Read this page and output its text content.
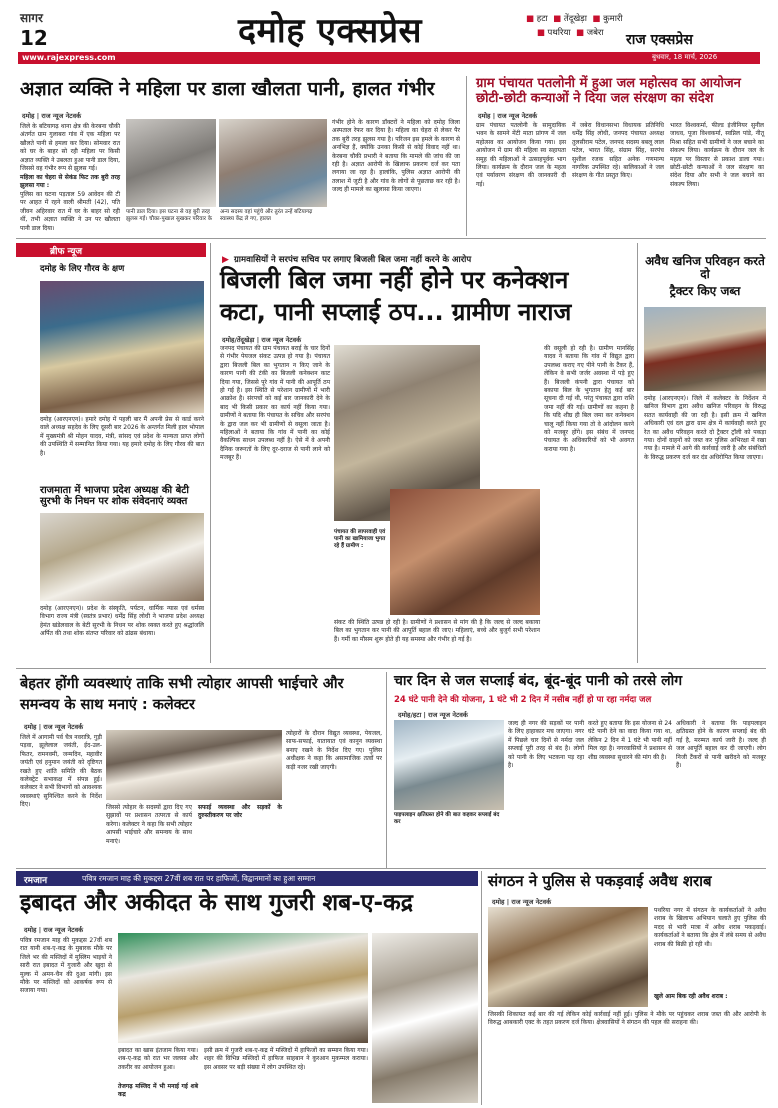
सागर
12	दमोह एक्सप्रेस	■ हटा ■ तेंदूखेड़ा ■ कुमारी
■ पथरिया ■ जबेरा	राज एक्सप्रेस
www.rajexpress.com	बुधवार, 18 मार्च, 2026
अज्ञात व्यक्ति ने महिला पर डाला खौलता पानी, हालत गंभीर
दमोह | राज न्यूज नेटवर्क
जिले के बटियागढ़ थाना क्षेत्र की केरबना चौकी अंतर्गत ग्राम गुलाबरा गांव में एक महिला पर खौलते पानी से हमला कर दिया। सोमवार रात को घर के बाहर सो रही महिला पर किसी अज्ञात व्यक्ति ने उबलता हुआ पानी डाल दिया, जिससे वह गंभीर रूप से झुलस गई।
महिला का चेहरा से सेकंड फिट तक बुरी तरह झुलसा गया :
पुलिस का घटना पड़ताल 59 आवेदन की टी पर आहत में रहने वाली श्रीमती (42), पति जीवन अहिरवार रात में घर के बाहर सो रही थीं, तभी अज्ञात व्यक्ति ने उन पर खौलता पानी डाल दिया।
पानी डाल दिया। इस घटना से वह बुरी तरह झुलस गई। चौका-पुखाल सुखकर परिवार के
अन्य सदस्य वहां पहुंचे और तुरंत उन्हें बटियागढ़ स्वास्थ्य केंद्र ले गए, हालत
गंभीर होने के कारण डॉक्टरों ने महिला को दमोह जिला अस्पताल रेफर कर दिया है। महिला का चेहरा से लेकर पैर तक बुरी तरह झुलस गया है। परिजन इस हमले के कारण से अनभिज्ञ हैं, क्योंकि उनका किसी से कोई विवाद नहीं था। केरबना चौकी प्रभारी ने बताया कि मामले की जांच की जा रही है। अज्ञात आरोपी के खिलाफ प्रकरण दर्ज कर पता लगाया जा रहा है। हालांकि, पुलिस अज्ञात आरोपी की तलाश में जुटी है और गांव के लोगों से पूछताछ कर रही है। जल्द ही मामले का खुलासा किया जाएगा।
ग्राम पंचायत पतलोनी में हुआ जल महोत्सव का आयोजन छोटी-छोटी कन्याओं ने दिया जल संरक्षण का संदेश
दमोह | राज न्यूज नेटवर्क
ग्राम पंचायत पतलोनी के सामुदायिक भवन के सामने मेंटी माता प्रांगण में जल महोत्सव का आयोजन किया गया। इस आयोजन में ग्राम की महिला स्व सहायता समूह की महिलाओं ने उत्साहपूर्वक भाग लिया। कार्यक्रम के दौरान जल के महत्व एवं पर्यावरण संरक्षण की जानकारी दी गई।
में जबेरा विधानसभा विधायक प्रतिनिधि धर्मेंद्र सिंह लोधी, जनपद पंचायत अध्यक्ष तुलसीराम पटेल, जनपद सदस्य बबलू लाल पटेल, भारत सिंह, संग्राम सिंह, सरपंच सुशील रजक सहित अनेक गणमान्य नागरिक उपस्थित रहे। बालिकाओं ने जल संरक्षण के गीत प्रस्तुत किए।
भारत विश्वकर्मा, फील्ड इंजीनियर सुनील जाधव, पूजा विश्वकर्मा, स्वप्निल पांडे, नीतू मिश्रा सहित सभी ग्रामीणों ने जल बचाने का संकल्प लिया। कार्यक्रम के दौरान जल के महत्व पर विस्तार से प्रकाश डाला गया। छोटी-छोटी कन्याओं ने जल संरक्षण का संदेश दिया और सभी ने जल बचाने का संकल्प लिया।
ब्रीफ न्यूज
दमोह के लिए गौरव के क्षण
दमोह (आरएनएन)। हमारे दमोह में पहली बार मैं अपनी प्रेस से कार्ड करने वाले अध्यक्ष सहदेव के लिए दूसरी बार 2026 के अन्तर्गत मिली हाल भोपाल में मुख्यमंत्री श्री मोहन यादव, मंत्री, सांसद एवं प्रदेश के मान्यता प्राप्त लोगों की उपस्थिति में सम्मानित किया गया। यह हमारे दमोह के लिए गौरव की बात है।
राजमाता में भाजपा प्रदेश अध्यक्ष की बेटी सुरभी के निधन पर शोक संवेदनाएं व्यक्त
दमोह (आरएनएन)। प्रदेश के संस्कृति, पर्यटन, धार्मिक न्यास एवं धर्मस्व विभाग राज्य मंत्री (स्वतंत्र प्रभार) धर्मेंद्र सिंह लोधी ने भाजपा प्रदेश अध्यक्ष हेमंत खंडेलवाल के बेटी सुरभी के निधन पर शोक व्यक्त करते हुए श्रद्धांजलि अर्पित की तथा शोक संतप्त परिवार को ढांढस बंधाया।
▶ ग्रामवासियों ने सरपंच सचिव पर लगाए बिजली बिल जमा नहीं करने के आरोप
बिजली बिल जमा नहीं होने पर कनेक्शन
कटा, पानी सप्लाई ठप... ग्रामीण नाराज
दमोह/तेंदूखेड़ा | राज न्यूज नेटवर्क
जनपद पंचायत की ग्राम पंचायत बराई के चार दिनों से गंभीर पेयजल संकट उत्पन्न हो गया है। पंचायत द्वारा बिजली बिल का भुगतान न किए जाने के कारण पानी की टंकी का बिजली कनेक्शन काट दिया गया, जिससे पूरे गांव में पानी की आपूर्ति ठप हो गई है। इस स्थिति से परेशान ग्रामीणों में भारी आक्रोश है। संरपचों को कई बार जानकारी देने के बाद भी किसी प्रकार का कार्य नहीं किया गया। ग्रामीणों ने बताया कि पंचायत के सचिव और सरपंच के द्वारा जल कर भी ग्रामीणों से वसूला जाता है। महिलाओं ने बताया कि गांव में पानी का कोई वैकल्पिक साधन उपलब्ध नहीं है। ऐसे में वे अपनी दैनिक जरूरतों के लिए दूर-दराज से पानी लाने को मजबूर हैं।
पंचायत की लापरवाही एवं पानी का खामियाजा भुगत रहे हैं ग्रामीण :
की वसूली हो रही है। ग्रामीण मानसिंह यादव ने बताया कि गांव में विद्युत द्वारा उपलब्ध कराए गए पीने पानी के टैंकर हैं, लेकिन वे सभी जर्जर अवस्था में पड़े हुए हैं। बिजली कंपनी द्वारा पंचायत को बकाया बिल के भुगतान हेतु कई बार सूचना दी गई थी, परंतु पंचायत द्वारा राशि जमा नहीं की गई। ग्रामीणों का कहना है कि यदि शीघ्र ही बिल जमा कर कनेक्शन चालू नहीं किया गया तो वे आंदोलन करने को मजबूर होंगे। इस संबंध में जनपद पंचायत के अधिकारियों को भी अवगत कराया गया है।
संकट की स्थिति उत्पन्न हो रही है। ग्रामीणों ने प्रशासन से मांग की है कि जल्द से जल्द बकाया बिल का भुगतान कर पानी की आपूर्ति बहाल की जाए। महिलाएं, बच्चे और बुजुर्ग सभी परेशान हैं। गर्मी का मौसम शुरू होते ही यह समस्या और गंभीर हो गई है।
अवैध खनिज परिवहन करते दो
ट्रैक्टर किए जब्त
दमोह (आरएनएन)। जिले में कलेक्टर के निर्देशन में खनिज विभाग द्वारा अवैध खनिज परिवहन के विरुद्ध सतत कार्यवाही की जा रही है। इसी क्रम में खनिज अधिकारी एवं दल द्वारा ग्राम क्षेत्र में कार्यवाही करते हुए रेत का अवैध परिवहन करते दो ट्रैक्टर ट्रॉली को पकड़ा गया। दोनों वाहनों को जब्त कर पुलिस अभिरक्षा में रखा गया है। मामले में आगे की कार्रवाई जारी है और संबंधितों के विरुद्ध प्रकरण दर्ज कर दंड अधिरोपित किया जाएगा।
बेहतर होंगी व्यवस्थाएं ताकि सभी त्योहार आपसी भाईचारे और समन्वय के साथ मनाएं : कलेक्टर
दमोह | राज न्यूज नेटवर्क
जिले में आगामी पर्व चैत्र नवरात्रि, गुड़ी पड़वा, झूलेलाल जयंती, ईद-उल-फितर, रामनवमी, जन्मदिन, महावीर जयंती एवं हनुमान जयंती को दृष्टिगत रखते हुए शांति समिति की बैठक कलेक्ट्रेट सभाकक्ष में संपन्न हुई। कलेक्टर ने सभी विभागों को आवश्यक व्यवस्थाएं सुनिश्चित करने के निर्देश दिए।	जिससे त्योहार के सदस्यों द्वारा दिए गए सुझावों पर प्रशासन तत्परता से कार्य करेगा। कलेक्टर ने कहा कि सभी त्योहार आपसी भाईचारे और समन्वय के साथ मनाएं।
सफाई व्यवस्था और सड़कों के दुरुस्तीकरण पर जोर
त्योहारों के दौरान विद्युत व्यवस्था, पेयजल, साफ-सफाई, यातायात एवं कानून व्यवस्था बनाए रखने के निर्देश दिए गए। पुलिस अधीक्षक ने कहा कि असामाजिक तत्वों पर कड़ी नजर रखी जाएगी।
चार दिन से जल सप्लाई बंद, बूंद-बूंद पानी को तरसे लोग
24 घंटे पानी देने की योजना, 1 घंटे भी 2 दिन में नसीब नहीं हो पा रहा नर्मदा जल
दमोह/हटा | राज न्यूज नेटवर्क
पाइपलाइन क्षतिग्रस्त होने की बात कहकर सप्लाई बंद कर
जल्द ही नगर की सड़कों पर पानी के लिए हाहाकार मच जाएगा। नगर में पिछले चार दिनों से नर्मदा जल सप्लाई पूरी तरह से बंद है। लोगों को पानी के लिए भटकना पड़ रहा है।
करते हुए बताया कि इस योजना से 24 घंटे पानी देने का वादा किया गया था, लेकिन 2 दिन में 1 घंटे भी पानी नहीं मिल रहा है। नगरवासियों ने प्रशासन से शीघ्र व्यवस्था सुधारने की मांग की है।
अधिकारी ने बताया कि पाइपलाइन क्षतिग्रस्त होने के कारण सप्लाई बंद की गई है, मरम्मत कार्य जारी है। जल्द ही जल आपूर्ति बहाल कर दी जाएगी। लोग निजी टैंकरों से पानी खरीदने को मजबूर हैं।
रमजान	पवित्र रमजान माह की मुकद्दस 27वीं शब रात पर हाफिजों, विद्वानमानों का हुआ सम्मान
इबादत और अकीदत के साथ गुजरी शब-ए-कद्र
दमोह | राज न्यूज नेटवर्क
पवित्र रमजान माह की मुकद्दस 27वीं शब रात यानी शब-ए-कद्र के मुबारक मौके पर जिले भर की मस्जिदों में मुस्लिम भाइयों ने सारी रात इबादत में गुजारी और खुदा से मुल्क में अमन-चैन की दुआ मांगी। इस मौके पर मस्जिदों को आकर्षक रूप से सजाया गया।
इबादत का खास इंतजाम किया गया। शब-ए-कद्र को रात भर जलसा और तकरीर का आयोजन हुआ।
तेजगढ़ मस्जिद में भी मनाई गई शबे कद्र
इसी क्रम में गुजरी शब-ए-कद्र में मस्जिदों में हाफिजों का सम्मान किया गया। शहर की विभिन्न मस्जिदों में हाफिज साहबान ने कुरआन मुकम्मल कराया। इस अवसर पर बड़ी संख्या में लोग उपस्थित रहे।
संगठन ने पुलिस से पकड़वाई अवैध शराब
दमोह | राज न्यूज नेटवर्क
पथरिया नगर में संगठन के कार्यकर्ताओं ने अवैध शराब के खिलाफ अभियान चलाते हुए पुलिस की मदद से भारी मात्रा में अवैध शराब पकड़वाई। कार्यकर्ताओं ने बताया कि क्षेत्र में लंबे समय से अवैध शराब की बिक्री हो रही थी।
खुले आम बिक रही अवैध शराब :
जिसकी शिकायत कई बार की गई लेकिन कोई कार्रवाई नहीं हुई। पुलिस ने मौके पर पहुंचकर शराब जब्त की और आरोपी के विरुद्ध आबकारी एक्ट के तहत प्रकरण दर्ज किया। क्षेत्रवासियों ने संगठन की पहल की सराहना की।
